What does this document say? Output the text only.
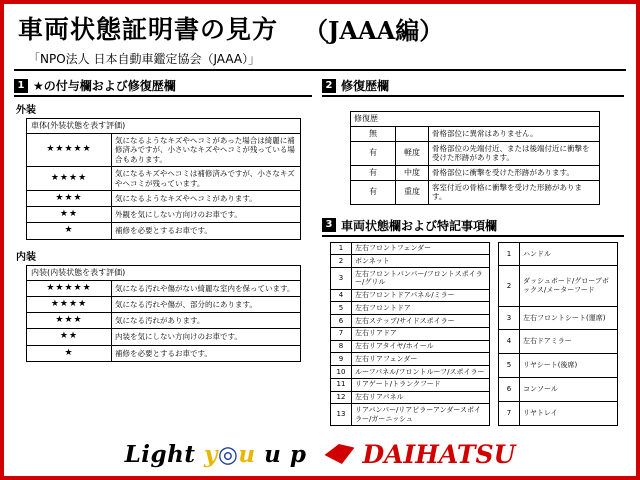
車両状態証明書の見方 （JAAA編）
「NPO法人 日本自動車鑑定協会（JAAA）」
1 ★の付与欄および修復歴欄
外装
車体(外装状態を表す評価)	
★★★★★	気になるようなキズやヘコミがあった場合は綺麗に補修済みですが、小さいなキズやヘコミが残っている場合もあります。
★★★★	気になるキズやヘコミは補修済みですが、小さなキズやヘコミが残っています。
★★★	気になるようなキズやヘコミがあります。
★★	外観を気にしない方向けのお車です。
★	補修を必要とするお車です。
内装
内装(内装状態を表す評価)	
★★★★★	気になる汚れや傷がない綺麗な室内を保っています。
★★★★	気になる汚れや傷が、部分的にあります。
★★★	気になる汚れがあります。
★★	内装を気にしない方向けのお車です。
★	補修を必要とするお車です。
2 修復歴欄
修復歴		
無		骨格部位に異常はありません。
有	軽度	骨格部位の先端付近、または後端付近に衝撃を受けた形跡があります。
有	中度	骨格部位に衝撃を受けた形跡があります。
有	重度	客室付近の骨格に衝撃を受けた形跡があります。
3 車両状態欄および特記事項欄
1	左右フロントフェンダー
2	ボンネット
3	左右フロントバンパー/フロントスポイラー/グリル
4	左右フロントドアパネル/ミラー
5	左右フロントドア
6	左右ステップ/サイドスポイラー
7	左右リアドア
8	左右リアタイヤ/ホイール
9	左右リアフェンダー
10	ルーフパネル/フロントルーフ/スポイラー
11	リアゲート/トランクフード
12	左右リアパネル
13	リアバンパー/リアピラーアンダースポイラー/ガーニッシュ
1	ハンドル
2	ダッシュボード/グローブボックス/メーターフード
3	左右フロントシート(運席)
4	左右ドアミラー
5	リヤシート(後席)
6	コンソール
7	リヤトレイ
Light y◎u u p DAIHATSU
